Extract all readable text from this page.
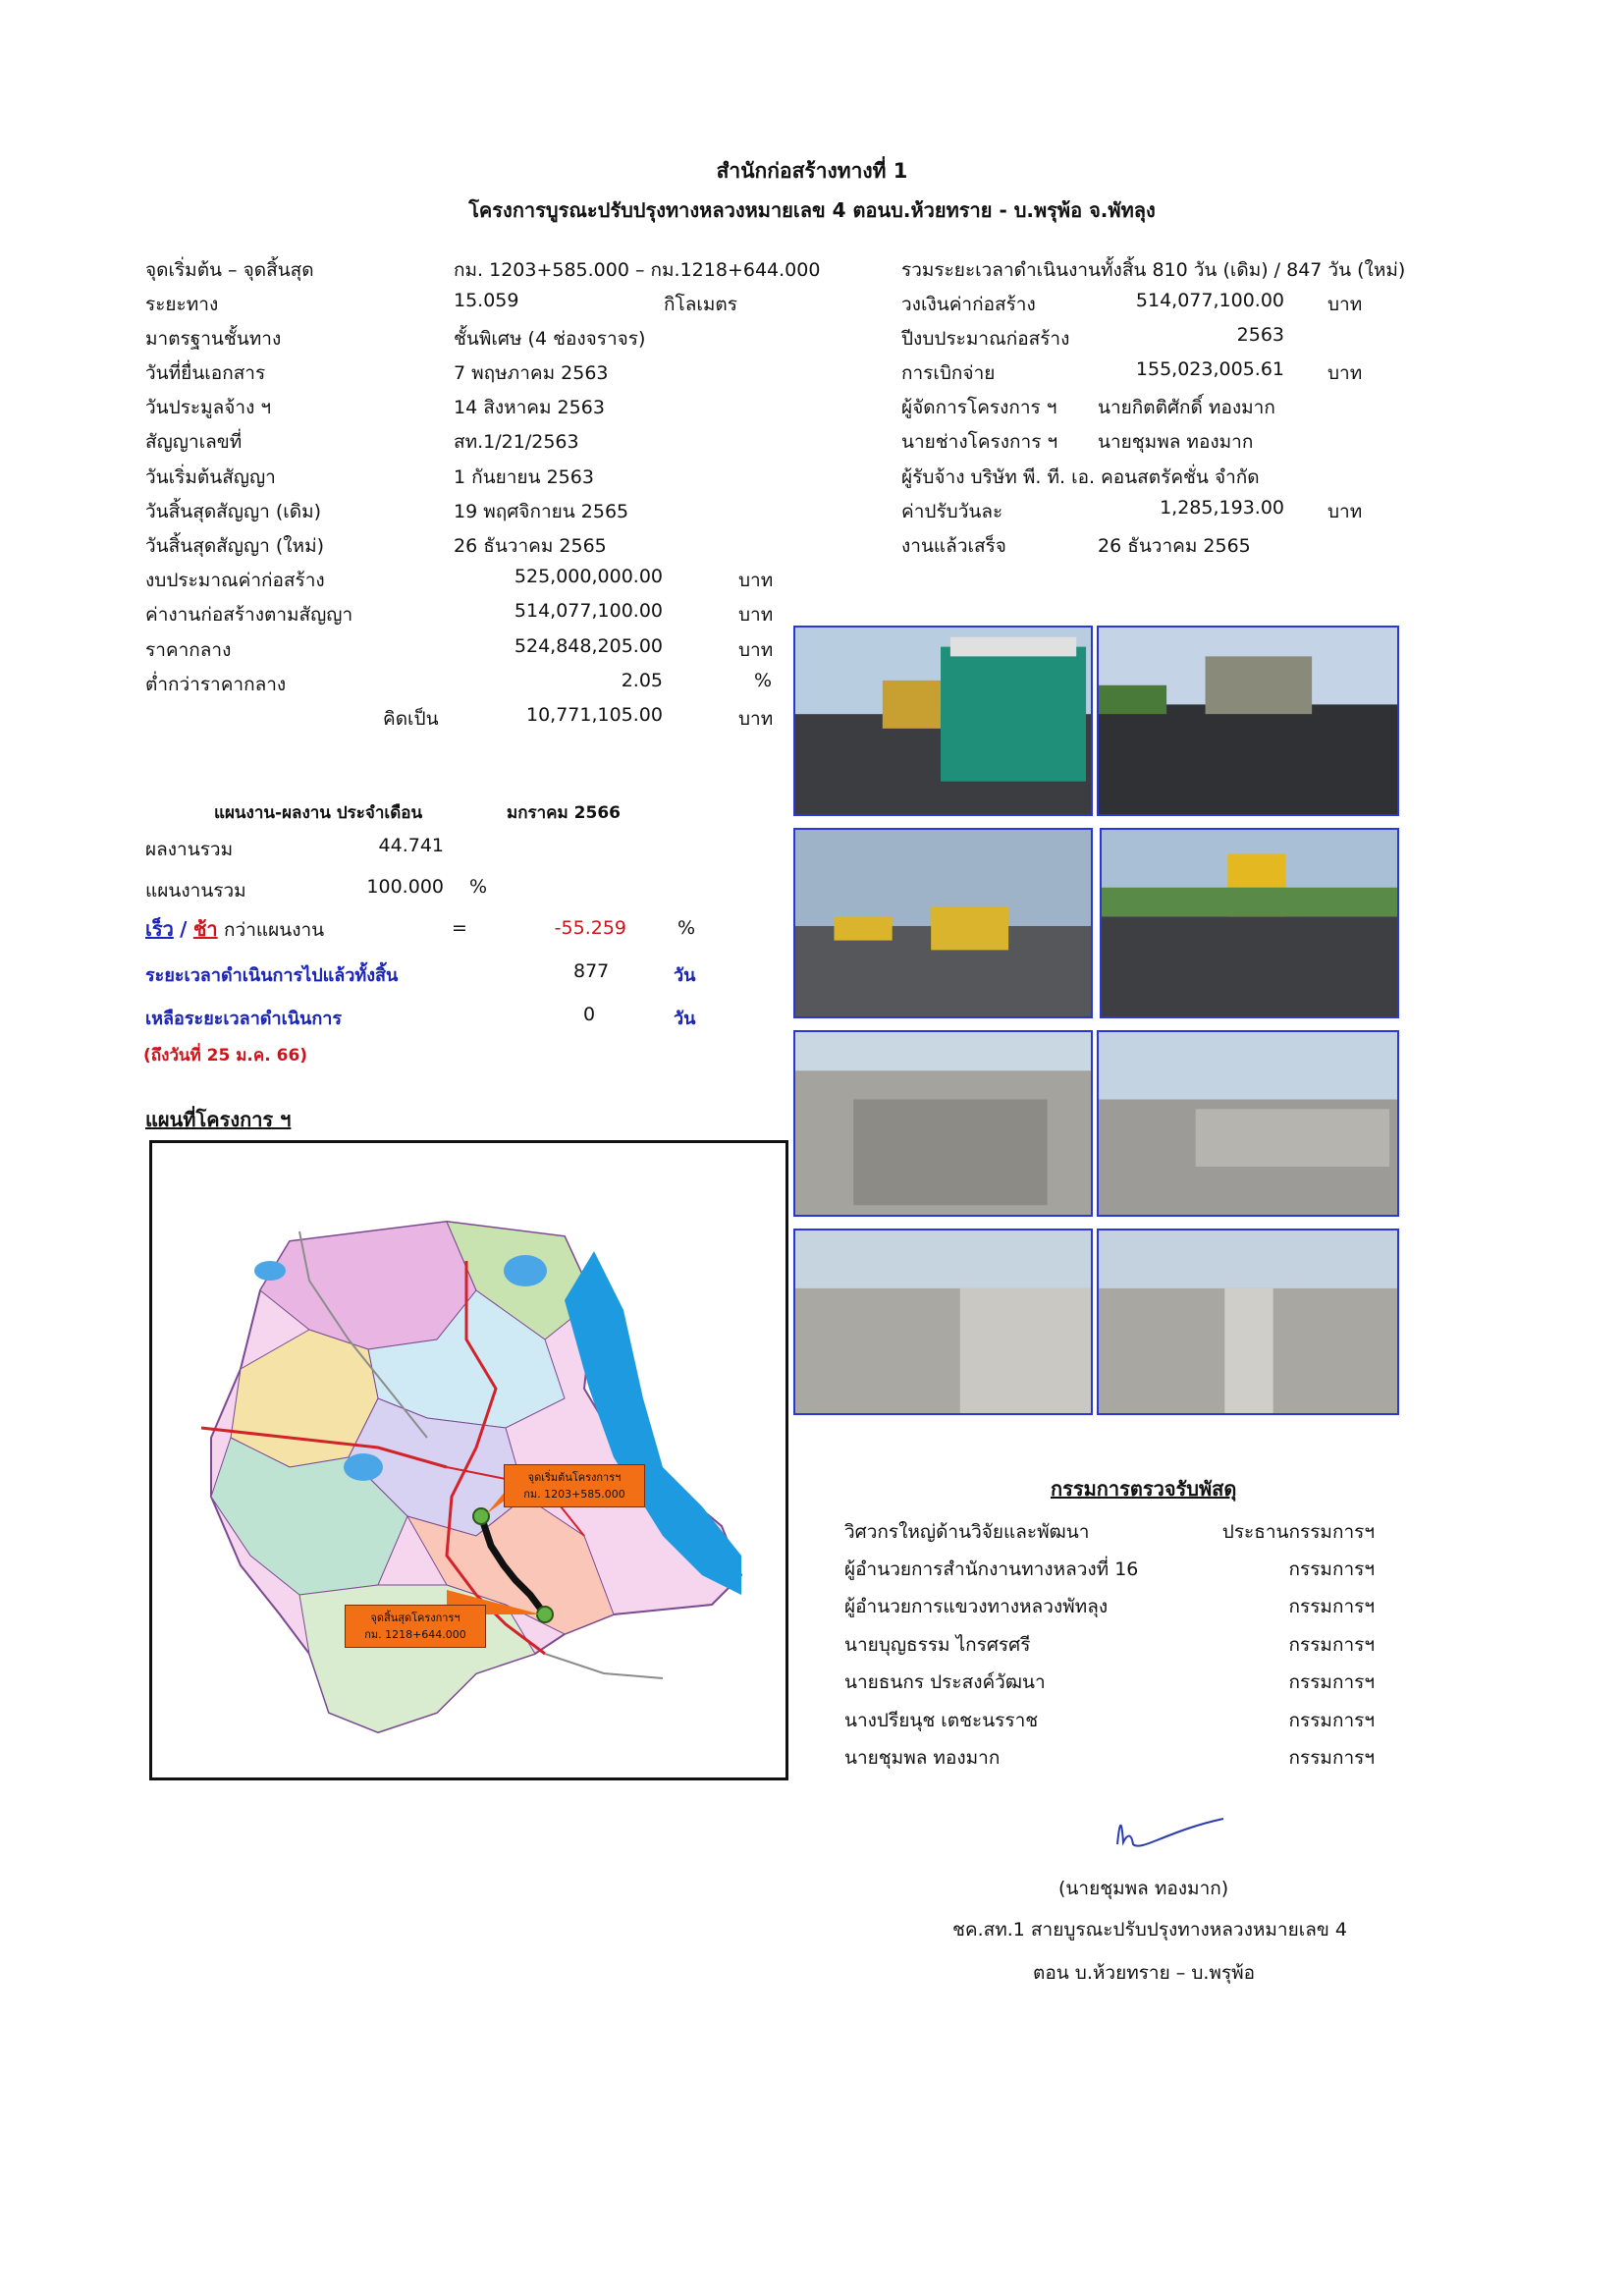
สำนักก่อสร้างทางที่ 1
โครงการบูรณะปรับปรุงทางหลวงหมายเลข 4 ตอนบ.ห้วยทราย - บ.พรุพ้อ จ.พัทลุง
จุดเริ่มต้น – จุดสิ้นสุด	กม. 1203+585.000 – กม.1218+644.000
ระยะทาง	15.059	กิโลเมตร
มาตรฐานชั้นทาง	ชั้นพิเศษ (4 ช่องจราจร)
วันที่ยื่นเอกสาร	7 พฤษภาคม 2563
วันประมูลจ้าง ฯ	14 สิงหาคม 2563
สัญญาเลขที่	สท.1/21/2563
วันเริ่มต้นสัญญา	1 กันยายน 2563
วันสิ้นสุดสัญญา (เดิม)	19 พฤศจิกายน 2565
วันสิ้นสุดสัญญา (ใหม่)	26 ธันวาคม 2565
งบประมาณค่าก่อสร้าง	525,000,000.00	บาท
ค่างานก่อสร้างตามสัญญา	514,077,100.00	บาท
ราคากลาง	524,848,205.00	บาท
ต่ำกว่าราคากลาง	2.05	%
คิดเป็น	10,771,105.00	บาท
รวมระยะเวลาดำเนินงานทั้งสิ้น 810 วัน (เดิม) / 847 วัน (ใหม่)
วงเงินค่าก่อสร้าง	514,077,100.00 บาท
ปีงบประมาณก่อสร้าง	2563
การเบิกจ่าย	155,023,005.61 บาท
ผู้จัดการโครงการ ฯ นายกิตติศักดิ์ ทองมาก
นายช่างโครงการ ฯ นายชุมพล ทองมาก
ผู้รับจ้าง บริษัท พี. ที. เอ. คอนสตรัคชั่น จำกัด
ค่าปรับวันละ	1,285,193.00 บาท
งานแล้วเสร็จ	26 ธันวาคม 2565
แผนงาน-ผลงาน ประจำเดือน	มกราคม 2566
ผลงานรวม	44.741
แผนงานรวม	100.000 %
เร็ว / ช้า กว่าแผนงาน	=	-55.259	%
ระยะเวลาดำเนินการไปแล้วทั้งสิ้น	877	วัน
เหลือระยะเวลาดำเนินการ	0	วัน
(ถึงวันที่ 25 ม.ค. 66)
แผนที่โครงการ ฯ
จุดเริ่มต้นโครงการฯ
กม. 1203+585.000
จุดสิ้นสุดโครงการฯ
กม. 1218+644.000
กรรมการตรวจรับพัสดุ
วิศวกรใหญ่ด้านวิจัยและพัฒนา	ประธานกรรมการฯ
ผู้อำนวยการสำนักงานทางหลวงที่ 16	กรรมการฯ
ผู้อำนวยการแขวงทางหลวงพัทลุง	กรรมการฯ
นายบุญธรรม ไกรศรศรี	กรรมการฯ
นายธนกร ประสงค์วัฒนา	กรรมการฯ
นางปรียนุช เตชะนรราช	กรรมการฯ
นายชุมพล ทองมาก	กรรมการฯ
(นายชุมพล ทองมาก)
ชค.สท.1 สายบูรณะปรับปรุงทางหลวงหมายเลข 4
ตอน บ.ห้วยทราย – บ.พรุพ้อ
